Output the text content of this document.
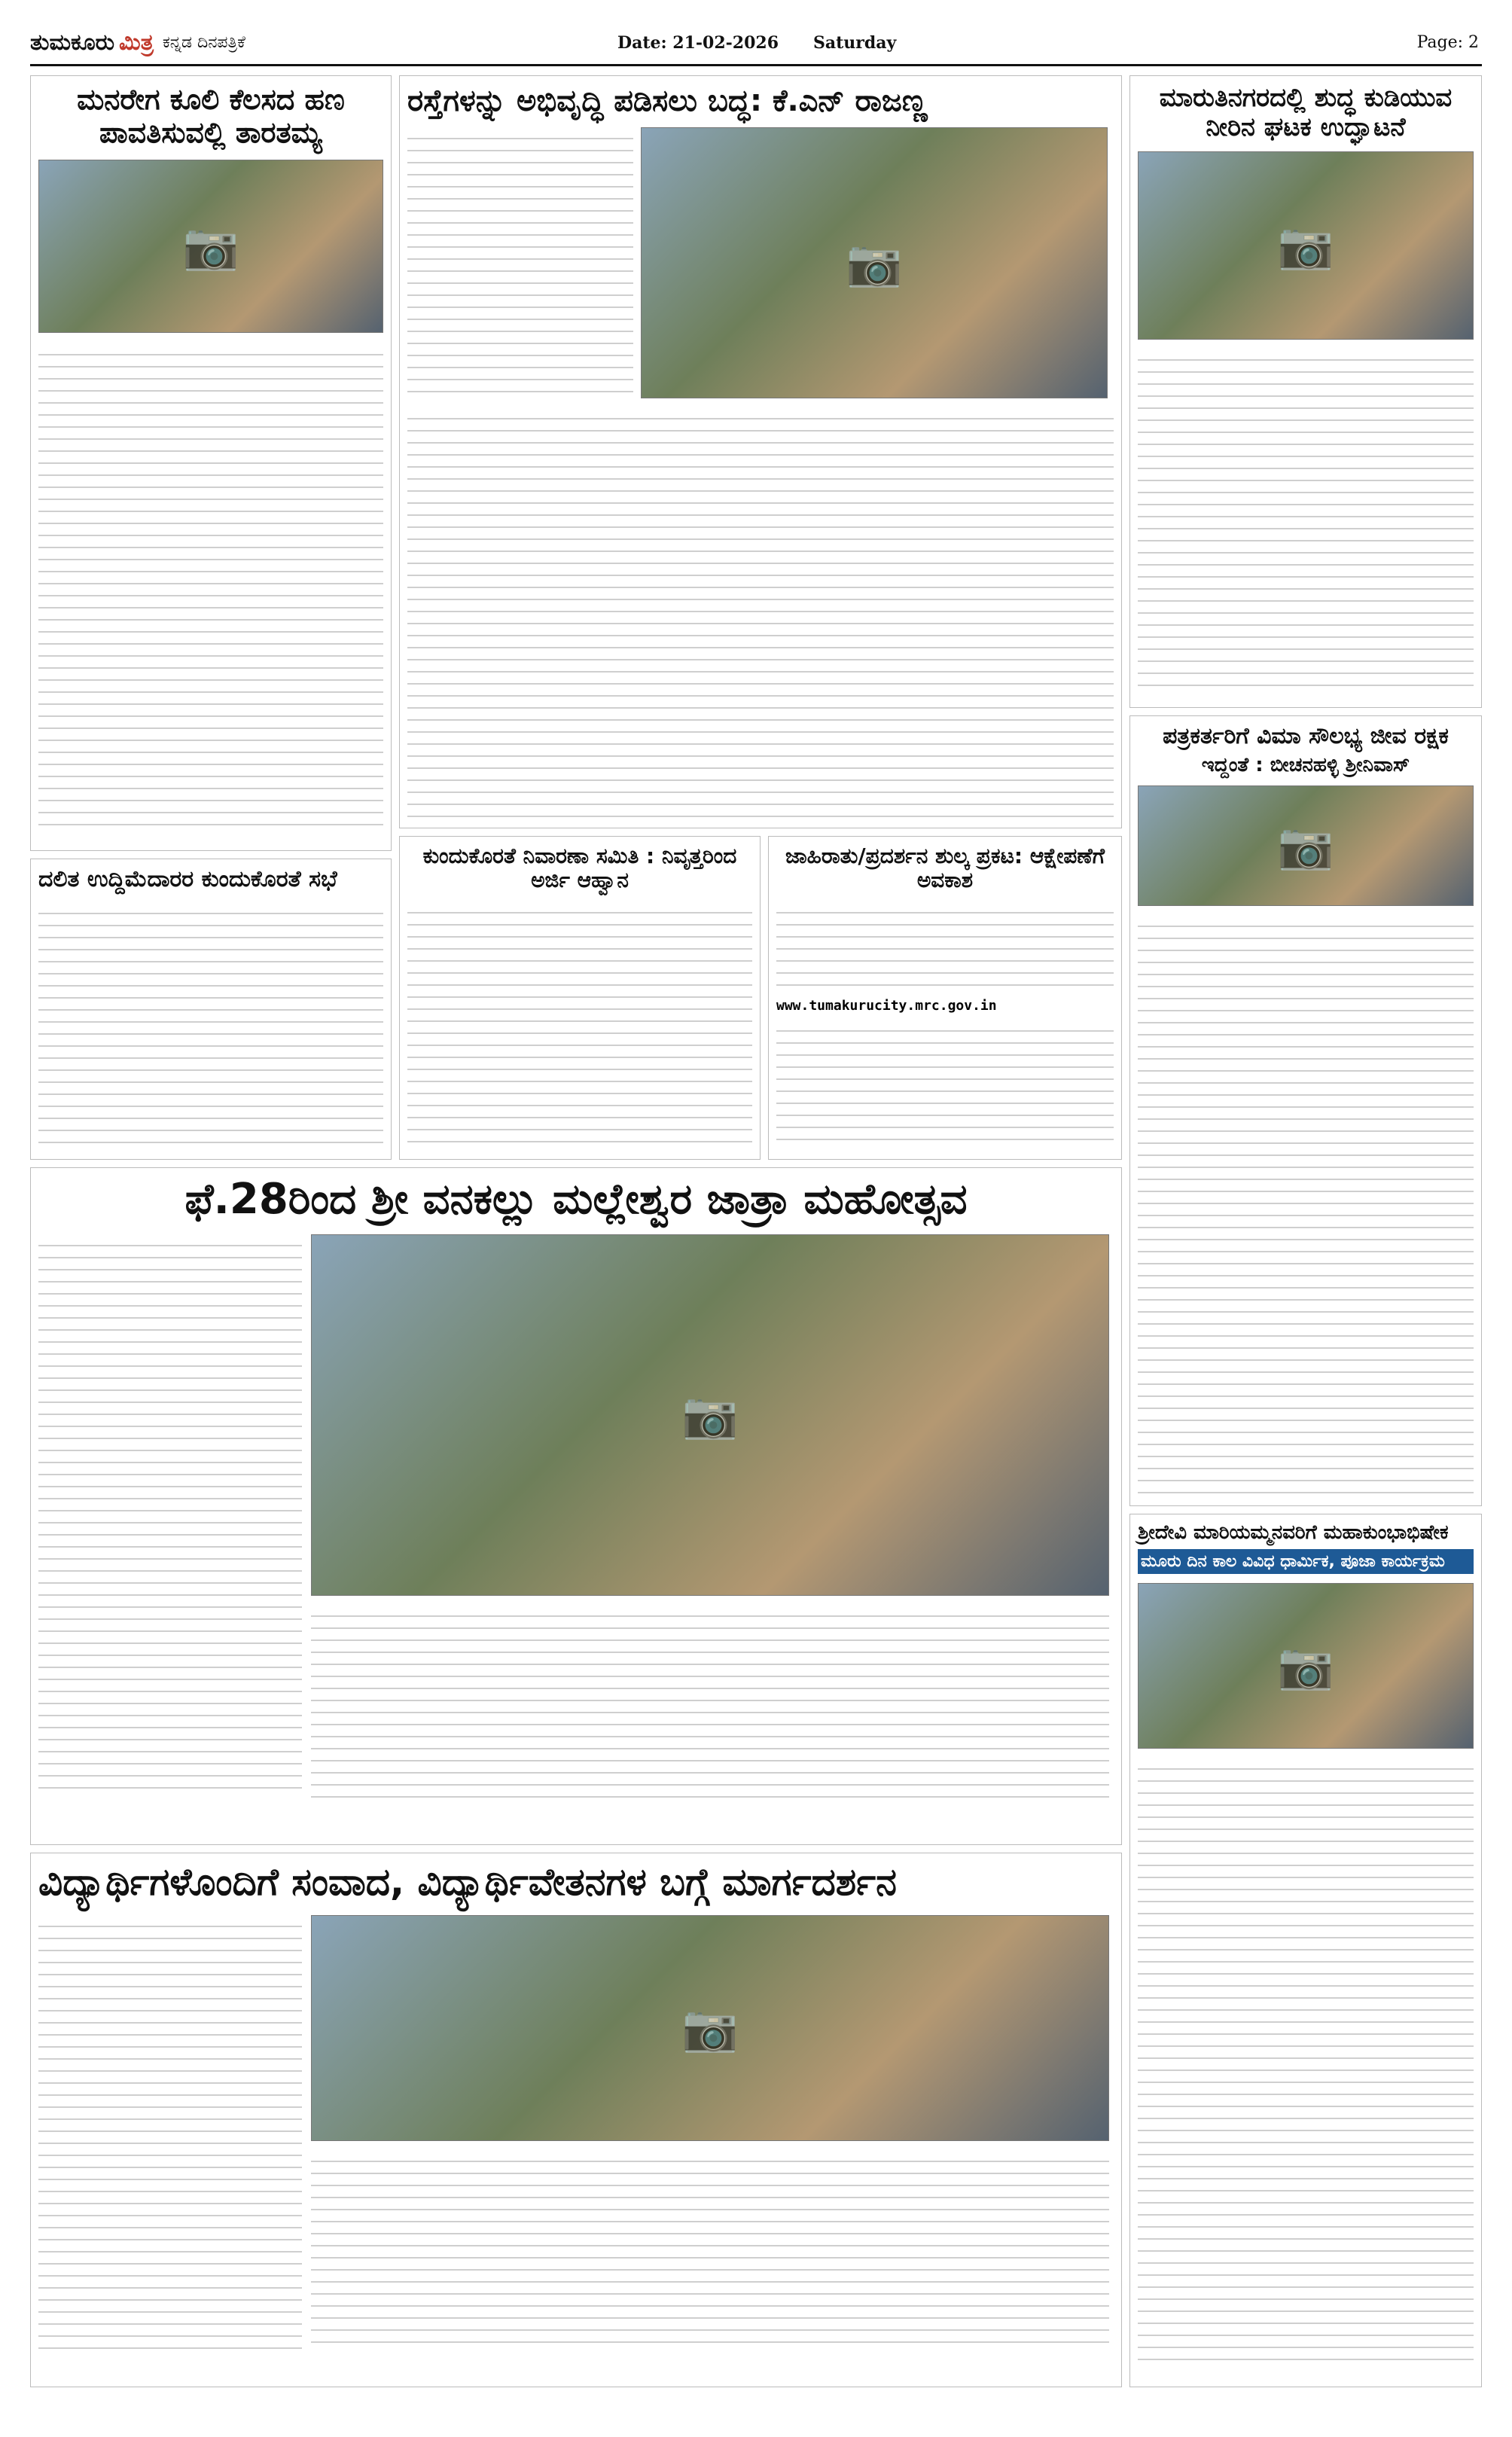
ತುಮಕೂರು ಮಿತ್ರ ಕನ್ನಡ ದಿನಪತ್ರಿಕೆ	Date: 21-02-2026 Saturday	Page: 2
ಮನರೇಗ ಕೂಲಿ ಕೆಲಸದ ಹಣ ಪಾವತಿಸುವಲ್ಲಿ ತಾರತಮ್ಯ
📷
ರಸ್ತೆಗಳನ್ನು ಅಭಿವೃದ್ಧಿ ಪಡಿಸಲು ಬದ್ಧ: ಕೆ.ಎನ್ ರಾಜಣ್ಣ
📷
ಮಾರುತಿನಗರದಲ್ಲಿ ಶುದ್ಧ ಕುಡಿಯುವ ನೀರಿನ ಘಟಕ ಉದ್ಘಾಟನೆ
📷
ಪತ್ರಕರ್ತರಿಗೆ ವಿಮಾ ಸೌಲಭ್ಯ ಜೀವ ರಕ್ಷಕ
ಇದ್ದಂತೆ : ಬೀಚನಹಳ್ಳಿ ಶ್ರೀನಿವಾಸ್
📷
ದಲಿತ ಉದ್ದಿಮೆದಾರರ ಕುಂದುಕೊರತೆ ಸಭೆ
ಕುಂದುಕೊರತೆ ನಿವಾರಣಾ ಸಮಿತಿ : ನಿವೃತ್ತರಿಂದ ಅರ್ಜಿ ಆಹ್ವಾನ
ಜಾಹಿರಾತು/ಪ್ರದರ್ಶನ ಶುಲ್ಕ ಪ್ರಕಟ: ಆಕ್ಷೇಪಣೆಗೆ ಅವಕಾಶ
www.tumakurucity.mrc.gov.in
ಫೆ.28ರಿಂದ ಶ್ರೀ ವನಕಲ್ಲು ಮಲ್ಲೇಶ್ವರ ಜಾತ್ರಾ ಮಹೋತ್ಸವ
📷
ಶ್ರೀದೇವಿ ಮಾರಿಯಮ್ಮನವರಿಗೆ ಮಹಾಕುಂಭಾಭಿಷೇಕ
ಮೂರು ದಿನ ಕಾಲ ವಿವಿಧ ಧಾರ್ಮಿಕ, ಪೂಜಾ ಕಾರ್ಯಕ್ರಮ
📷
ವಿದ್ಯಾರ್ಥಿಗಳೊಂದಿಗೆ ಸಂವಾದ, ವಿದ್ಯಾರ್ಥಿವೇತನಗಳ ಬಗ್ಗೆ ಮಾರ್ಗದರ್ಶನ
📷
